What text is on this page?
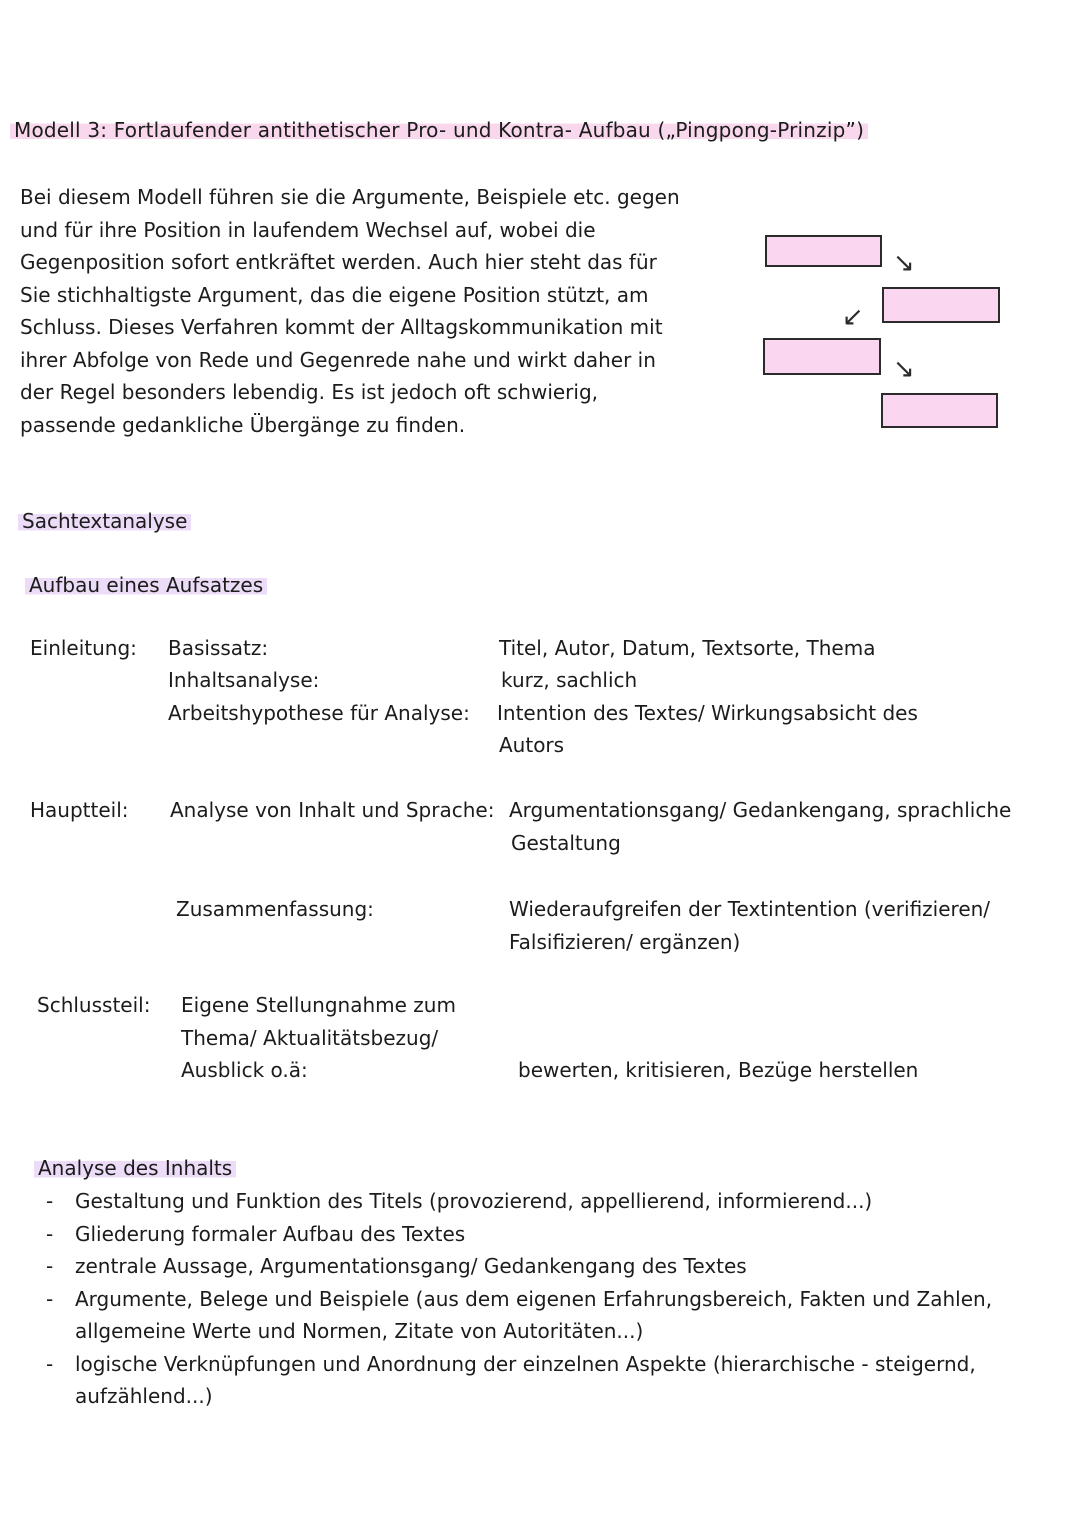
Modell 3: Fortlaufender antithetischer Pro- und Kontra- Aufbau („Pingpong-Prinzip”)
Bei diesem Modell führen sie die Argumente, Beispiele etc. gegen
und für ihre Position in laufendem Wechsel auf, wobei die
Gegenposition sofort entkräftet werden. Auch hier steht das für
Sie stichhaltigste Argument, das die eigene Position stützt, am
Schluss. Dieses Verfahren kommt der Alltagskommunikation mit
ihrer Abfolge von Rede und Gegenrede nahe und wirkt daher in
der Regel besonders lebendig. Es ist jedoch oft schwierig,
passende gedankliche Übergänge zu finden.
↘
↙
↘
Sachtextanalyse
Aufbau eines Aufsatzes
Einleitung: Basissatz:	Titel, Autor, Datum, Textsorte, Thema
Inhaltsanalyse:	kurz, sachlich
Arbeitshypothese für Analyse: Intention des Textes/ Wirkungsabsicht des
Autors
Hauptteil: Analyse von Inhalt und Sprache: Argumentationsgang/ Gedankengang, sprachliche
Gestaltung
Zusammenfassung:	Wiederaufgreifen der Textintention (verifizieren/
Falsifizieren/ ergänzen)
Schlussteil: Eigene Stellungnahme zum
Thema/ Aktualitätsbezug/
Ausblick o.ä:	bewerten, kritisieren, Bezüge herstellen
Analyse des Inhalts
- Gestaltung und Funktion des Titels (provozierend, appellierend, informierend...)
- Gliederung formaler Aufbau des Textes
- zentrale Aussage, Argumentationsgang/ Gedankengang des Textes
- Argumente, Belege und Beispiele (aus dem eigenen Erfahrungsbereich, Fakten und Zahlen,
allgemeine Werte und Normen, Zitate von Autoritäten...)
- logische Verknüpfungen und Anordnung der einzelnen Aspekte (hierarchische - steigernd,
aufzählend...)
